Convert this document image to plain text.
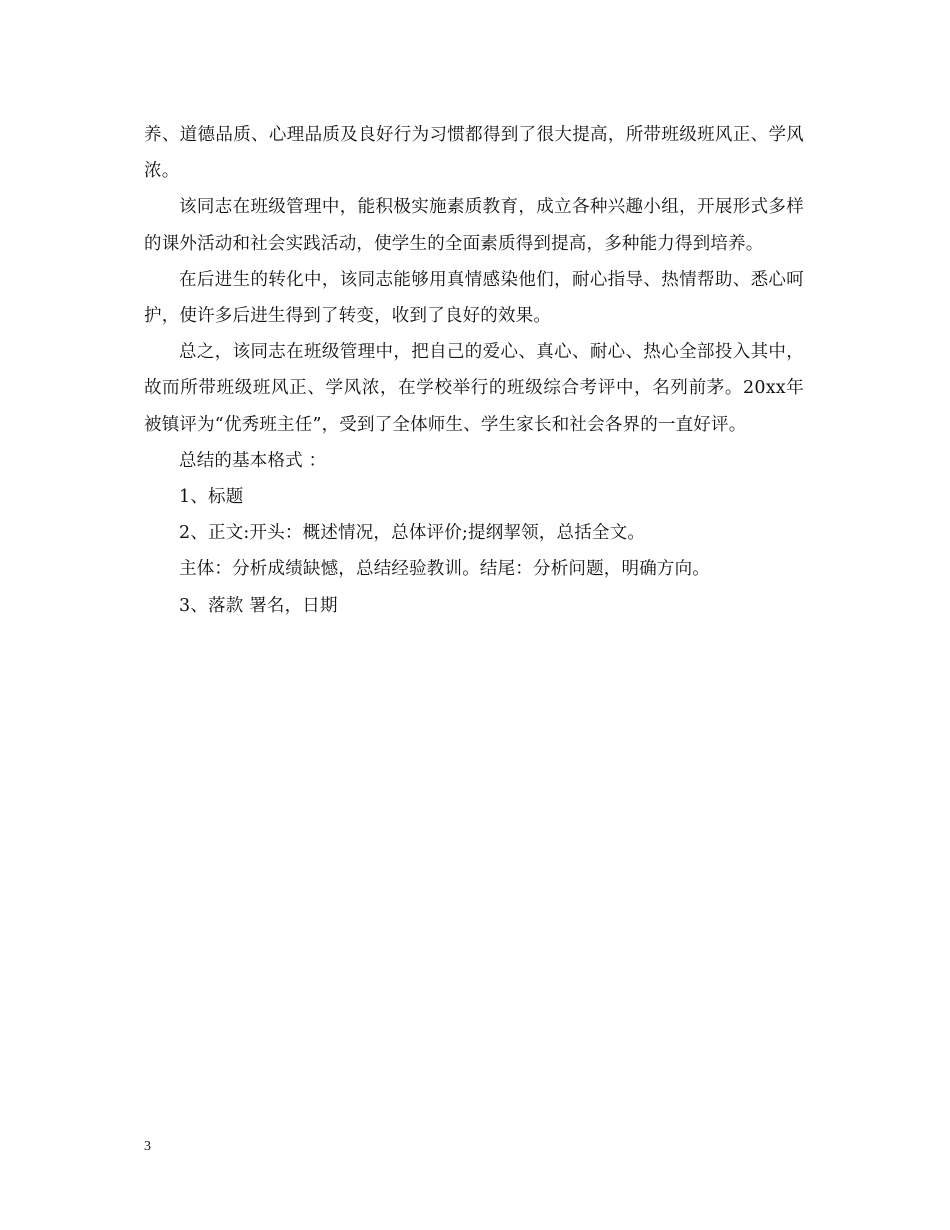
养、道德品质、心理品质及良好行为习惯都得到了很大提高，所带班级班风正、学风浓。

该同志在班级管理中，能积极实施素质教育，成立各种兴趣小组，开展形式多样的课外活动和社会实践活动，使学生的全面素质得到提高，多种能力得到培养。

在后进生的转化中，该同志能够用真情感染他们，耐心指导、热情帮助、悉心呵护，使许多后进生得到了转变，收到了良好的效果。

总之，该同志在班级管理中，把自己的爱心、真心、耐心、热心全部投入其中，故而所带班级班风正、学风浓，在学校举行的班级综合考评中，名列前茅。20xx年被镇评为“优秀班主任”，受到了全体师生、学生家长和社会各界的一直好评。

总结的基本格式 ：

1、标题

2、正文:开头：概述情况，总体评价;提纲挈领，总括全文。

主体：分析成绩缺憾，总结经验教训。结尾：分析问题，明确方向。

3、落款 署名，日期

3
